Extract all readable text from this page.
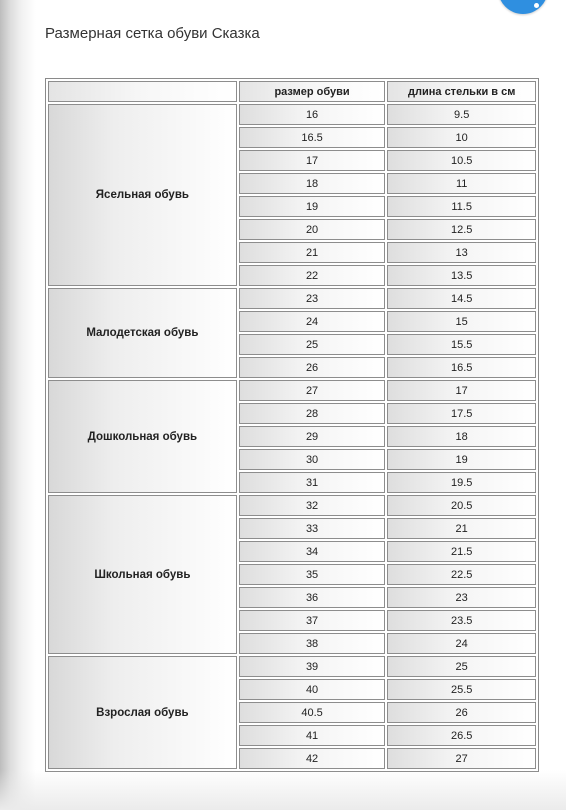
Размерная сетка обуви Сказка
	размер обуви	длина стельки в см
Ясельная обувь	16	9.5
	16.5	10
	17	10.5
	18	11
	19	11.5
	20	12.5
	21	13
	22	13.5
Малодетская обувь	23	14.5
	24	15
	25	15.5
	26	16.5
Дошкольная обувь	27	17
	28	17.5
	29	18
	30	19
	31	19.5
Школьная обувь	32	20.5
	33	21
	34	21.5
	35	22.5
	36	23
	37	23.5
	38	24
Взрослая обувь	39	25
	40	25.5
	40.5	26
	41	26.5
	42	27
